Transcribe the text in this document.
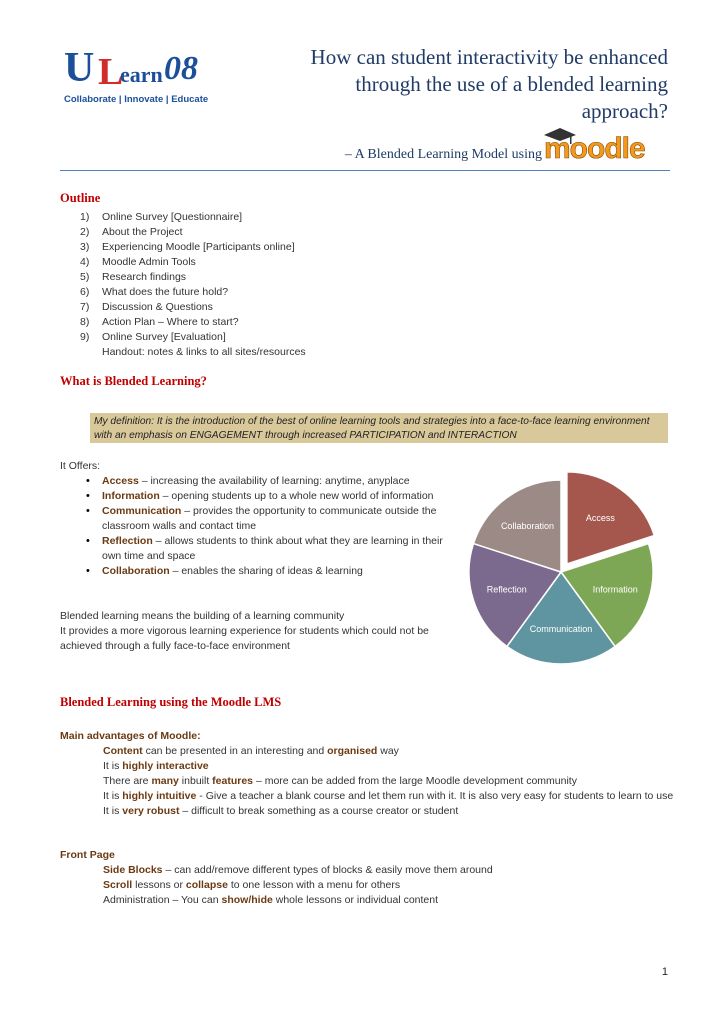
U L
earn 08
Collaborate | Innovate | Educate
How can student interactivity be enhanced
through the use of a blended learning
approach?
– A Blended Learning Model using moodle
Outline
1)	Online Survey [Questionnaire]
2)	About the Project
3)	Experiencing Moodle [Participants online]
4)	Moodle Admin Tools
5)	Research findings
6)	What does the future hold?
7)	Discussion & Questions
8)	Action Plan – Where to start?
9)	Online Survey [Evaluation]
Handout: notes & links to all sites/resources
What is Blended Learning?
My definition: It is the introduction of the best of online learning tools and strategies into a face-to-face learning environment with an emphasis on ENGAGEMENT through increased PARTICIPATION and INTERACTION
It Offers:
• Access – increasing the availability of learning: anytime, anyplace
• Information – opening students up to a whole new world of information
• Communication – provides the opportunity to communicate outside the classroom walls and contact time
• Reflection – allows students to think about what they are learning in their own time and space
• Collaboration – enables the sharing of ideas & learning
Blended learning means the building of a learning community
It provides a more vigorous learning experience for students which could not be achieved through a fully face-to-face environment
Access
Information
Communication
Reflection
Collaboration
Blended Learning using the Moodle LMS
Main advantages of Moodle:
Content can be presented in an interesting and organised way
It is highly interactive
There are many inbuilt features – more can be added from the large Moodle development community
It is highly intuitive - Give a teacher a blank course and let them run with it. It is also very easy for students to learn to use
It is very robust – difficult to break something as a course creator or student
Front Page
Side Blocks – can add/remove different types of blocks & easily move them around
Scroll lessons or collapse to one lesson with a menu for others
Administration – You can show/hide whole lessons or individual content
1
